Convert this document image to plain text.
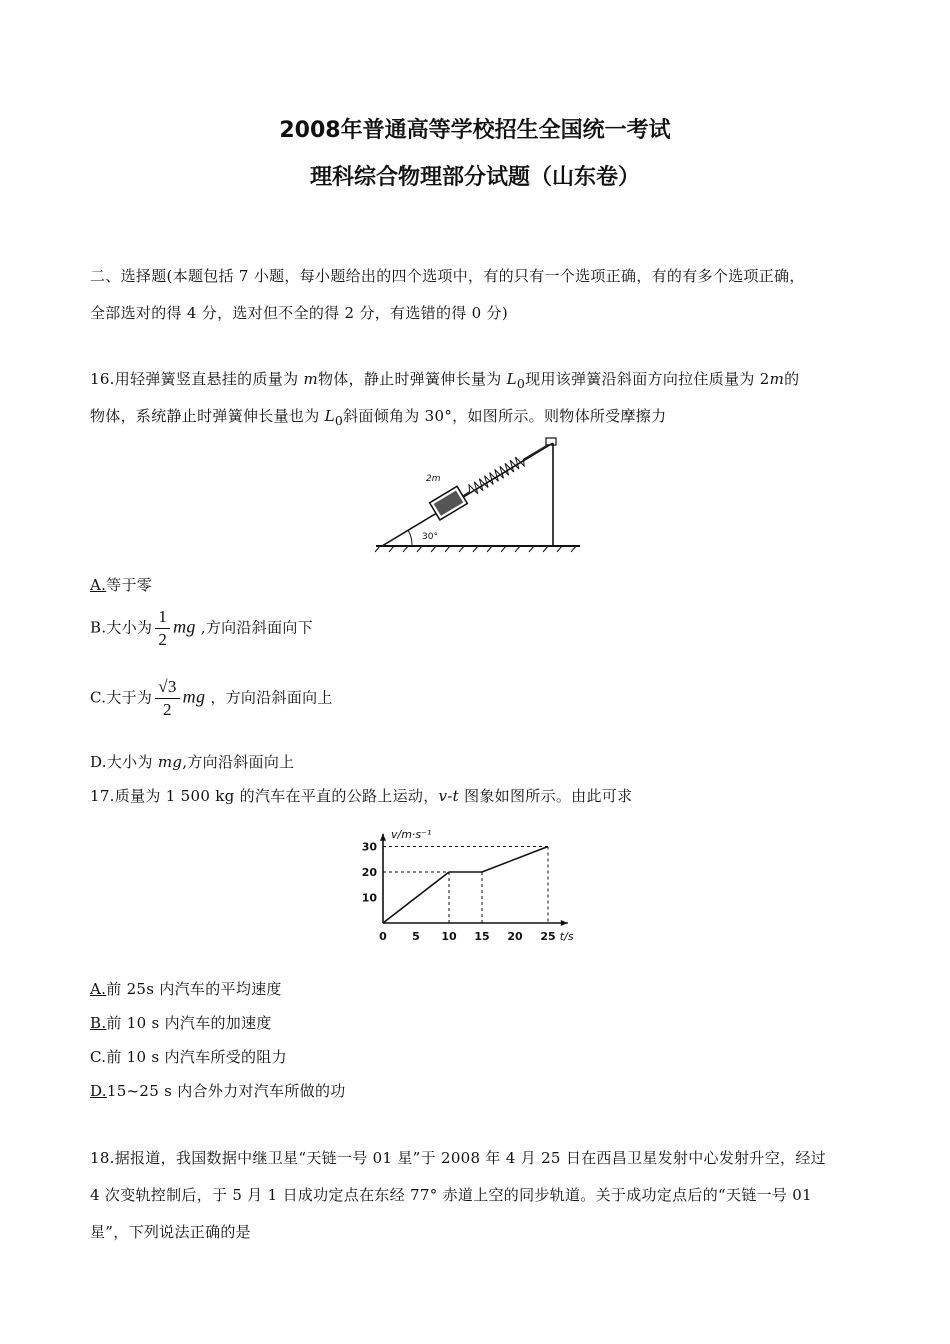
2008年普通高等学校招生全国统一考试
理科综合物理部分试题（山东卷）
二、选择题(本题包括 7 小题，每小题给出的四个选项中，有的只有一个选项正确，有的有多个选项正确，
全部选对的得 4 分，选对但不全的得 2 分，有选错的得 0 分)
16.用轻弹簧竖直悬挂的质量为 m物体，静止时弹簧伸长量为 $L_0$现用该弹簧沿斜面方向拉住质量为 2m的
物体，系统静止时弹簧伸长量也为 $L_0$斜面倾角为 30°，如图所示。则物体所受摩擦力
30°
2m
A.等于零
B.大小为 $\frac{1}{2}$ mg ,方向沿斜面向下
C.大于为 $\frac{√3}{2}$ mg ，方向沿斜面向上
D.大小为 mg,方向沿斜面向上
17.质量为 1 500 kg 的汽车在平直的公路上运动，v-t 图象如图所示。由此可求
v/m·s⁻¹
t/s
0 5 10 15 20 25
10
20
30
A.前 25s 内汽车的平均速度
B.前 10 s 内汽车的加速度
C.前 10 s 内汽车所受的阻力
D.15~25 s 内合外力对汽车所做的功
18.据报道，我国数据中继卫星“天链一号 01 星”于 2008 年 4 月 25 日在西昌卫星发射中心发射升空，经过
4 次变轨控制后，于 5 月 1 日成功定点在东经 77° 赤道上空的同步轨道。关于成功定点后的“天链一号 01
星”，下列说法正确的是
